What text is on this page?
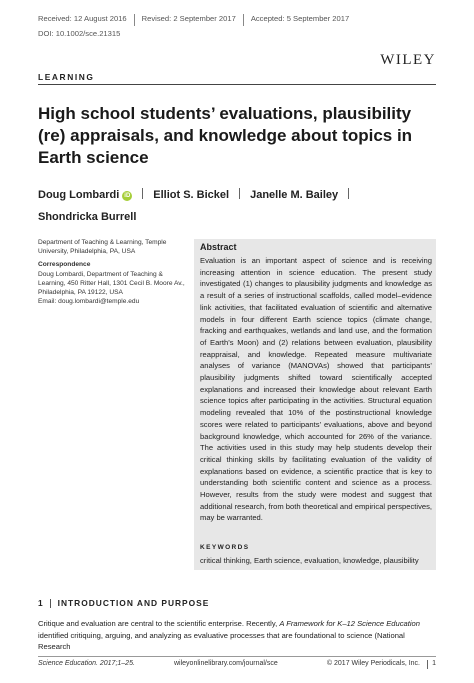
Received: 12 August 2016	Revised: 2 September 2017	Accepted: 5 September 2017
DOI: 10.1002/sce.21315
WILEY
LEARNING
High school students’ evaluations, plausibility (re) appraisals, and knowledge about topics in Earth science
Doug Lombardi iD Elliot S. Bickel Janelle M. Bailey
Shondricka Burrell
Department of Teaching & Learning, Temple University, Philadelphia, PA, USA
Correspondence
Doug Lombardi, Department of Teaching & Learning, 450 Ritter Hall, 1301 Cecil B. Moore Av., Philadelphia, PA 19122, USA
Email: doug.lombardi@temple.edu
Abstract
Evaluation is an important aspect of science and is receiving increasing attention in science education. The present study investigated (1) changes to plausibility judgments and knowledge as a result of a series of instructional scaffolds, called model–evidence link activities, that facilitated evaluation of scientific and alternative models in four different Earth science topics (climate change, fracking and earthquakes, wetlands and land use, and the formation of Earth’s Moon) and (2) relations between evaluation, plausibility reappraisal, and knowledge. Repeated measure multivariate analyses of variance (MANOVAs) showed that participants’ plausibility judgments shifted toward scientifically accepted explanations and increased their knowledge about relevant Earth science topics after participating in the activities. Structural equation modeling revealed that 10% of the postinstructional knowledge scores were related to participants’ evaluations, above and beyond background knowledge, which accounted for 26% of the variance. The activities used in this study may help students develop their critical thinking skills by facilitating evaluation of the validity of explanations based on evidence, a scientific practice that is key to understanding both scientific content and science as a process. However, results from the study were modest and suggest that additional research, from both theoretical and empirical perspectives, may be warranted.
KEYWORDS
critical thinking, Earth science, evaluation, knowledge, plausibility
1	INTRODUCTION AND PURPOSE
Critique and evaluation are central to the scientific enterprise. Recently, A Framework for K–12 Science Education identified critiquing, arguing, and analyzing as evaluative processes that are foundational to science (National Research
Science Education. 2017;1–25.	wileyonlinelibrary.com/journal/sce	© 2017 Wiley Periodicals, Inc. 1
